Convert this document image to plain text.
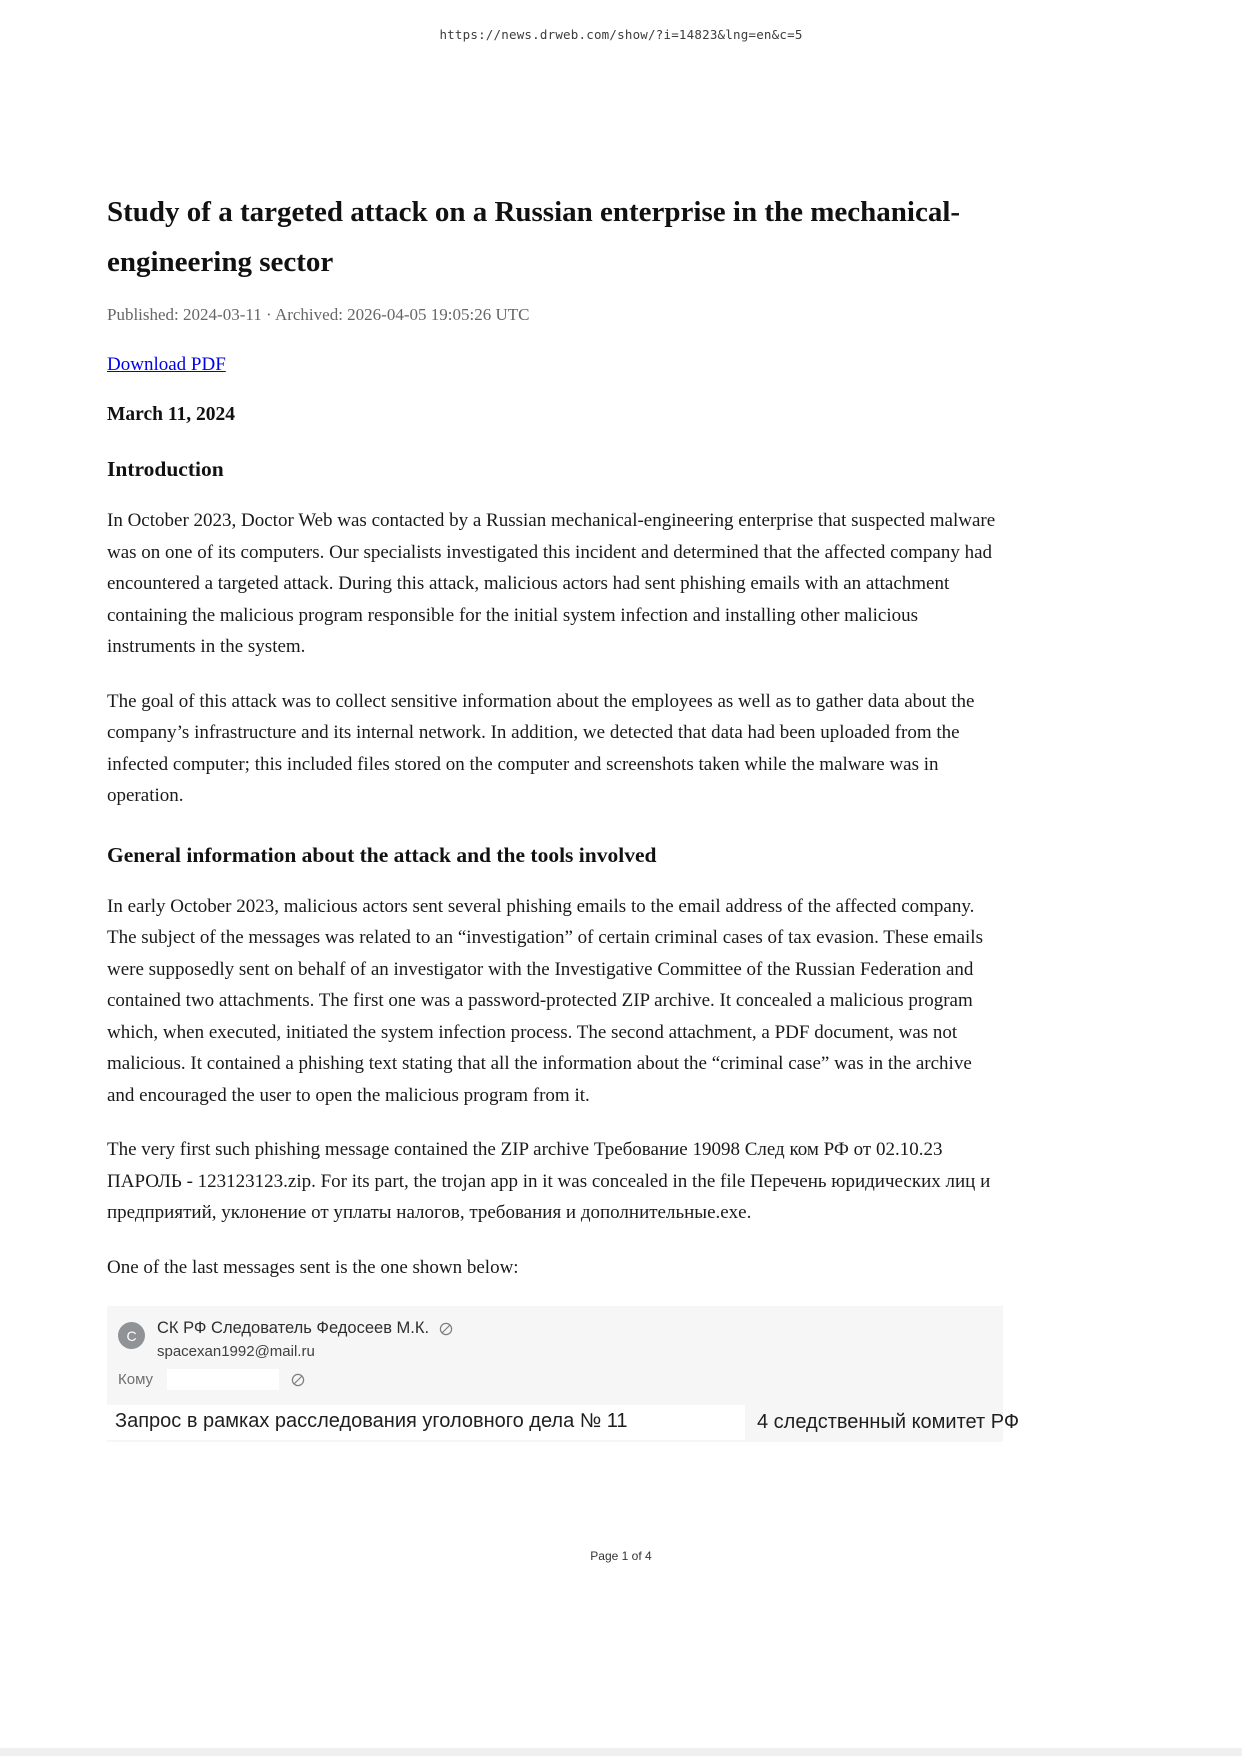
https://news.drweb.com/show/?i=14823&lng=en&c=5
Study of a targeted attack on a Russian enterprise in the mechanical-engineering sector

Published: 2024-03-11 · Archived: 2026-04-05 19:05:26 UTC

Download PDF

March 11, 2024

Introduction

In October 2023, Doctor Web was contacted by a Russian mechanical-engineering enterprise that suspected malware was on one of its computers. Our specialists investigated this incident and determined that the affected company had encountered a targeted attack. During this attack, malicious actors had sent phishing emails with an attachment containing the malicious program responsible for the initial system infection and installing other malicious instruments in the system.

The goal of this attack was to collect sensitive information about the employees as well as to gather data about the company’s infrastructure and its internal network. In addition, we detected that data had been uploaded from the infected computer; this included files stored on the computer and screenshots taken while the malware was in operation.

General information about the attack and the tools involved

In early October 2023, malicious actors sent several phishing emails to the email address of the affected company. The subject of the messages was related to an “investigation” of certain criminal cases of tax evasion. These emails were supposedly sent on behalf of an investigator with the Investigative Committee of the Russian Federation and contained two attachments. The first one was a password-protected ZIP archive. It concealed a malicious program which, when executed, initiated the system infection process. The second attachment, a PDF document, was not malicious. It contained a phishing text stating that all the information about the “criminal case” was in the archive and encouraged the user to open the malicious program from it.

The very first such phishing message contained the ZIP archive Требование 19098 След ком РФ от 02.10.23 ПАРОЛЬ - 123123123.zip. For its part, the trojan app in it was concealed in the file Перечень юридических лиц и предприятий, уклонение от уплаты налогов, требования и дополнительные.exe.

One of the last messages sent is the one shown below:

C	СК РФ Следователь Федосеев М.К.
spacexan1992@mail.ru
Кому
Запрос в рамках расследования уголовного дела № 11	4 следственный комитет РФ
Page 1 of 4
